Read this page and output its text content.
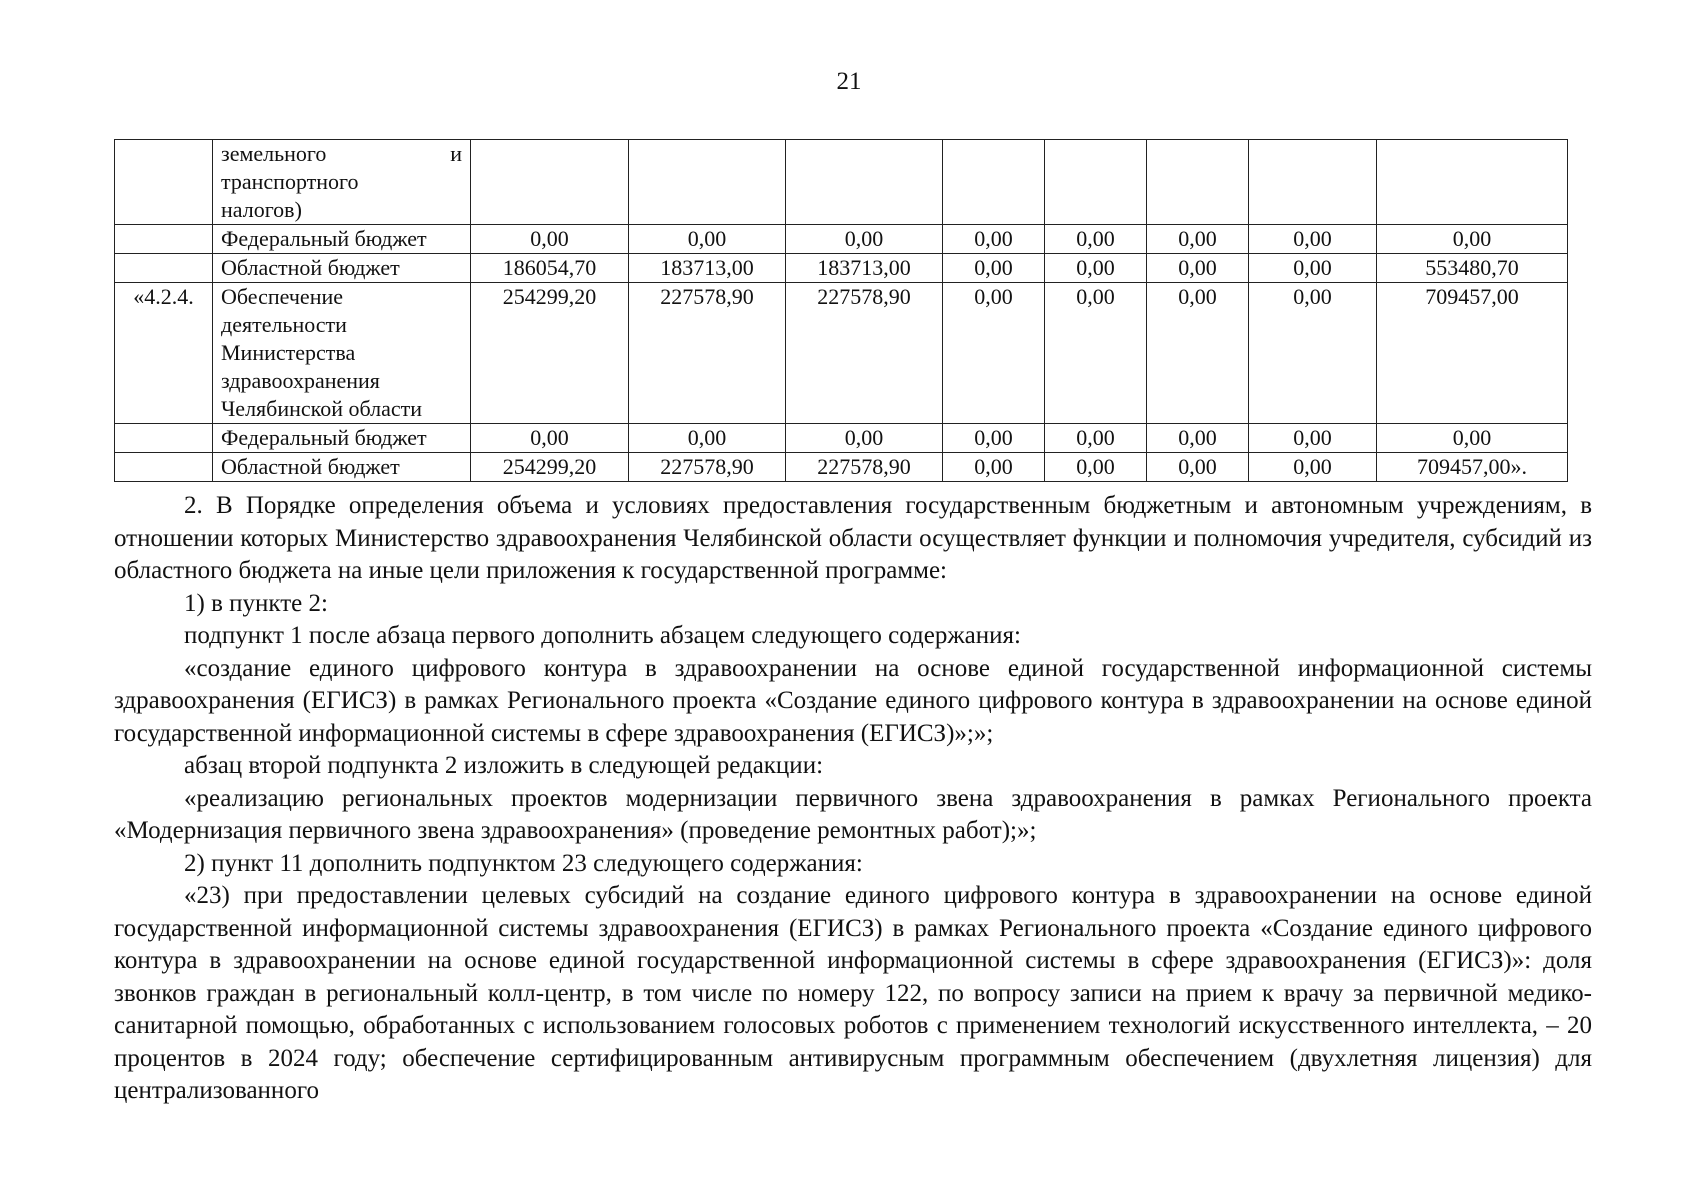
21

	земельного и
транспортного
налогов)								

	Федеральный бюджет	0,00	0,00	0,00	0,00	0,00	0,00	0,00	0,00
	Областной бюджет	186054,70	183713,00	183713,00	0,00	0,00	0,00	0,00	553480,70
«4.2.4.	Обеспечение
деятельности
Министерства
здравоохранения
Челябинской области	254299,20	227578,90	227578,90	0,00	0,00	0,00	0,00	709457,00
	Федеральный бюджет	0,00	0,00	0,00	0,00	0,00	0,00	0,00	0,00
	Областной бюджет	254299,20	227578,90	227578,90	0,00	0,00	0,00	0,00	709457,00».

2. В Порядке определения объема и условиях предоставления государственным бюджетным и автономным учреждениям, в отношении которых Министерство здравоохранения Челябинской области осуществляет функции и полномочия учредителя, субсидий из областного бюджета на иные цели приложения к государственной программе:

1) в пункте 2:

подпункт 1 после абзаца первого дополнить абзацем следующего содержания:

«создание единого цифрового контура в здравоохранении на основе единой государственной информационной системы здравоохранения (ЕГИСЗ) в рамках Регионального проекта «Создание единого цифрового контура в здравоохранении на основе единой государственной информационной системы в сфере здравоохранения (ЕГИСЗ)»;»;

абзац второй подпункта 2 изложить в следующей редакции:

«реализацию региональных проектов модернизации первичного звена здравоохранения в рамках Регионального проекта «Модернизация первичного звена здравоохранения» (проведение ремонтных работ);»;

2) пункт 11 дополнить подпунктом 23 следующего содержания:

«23) при предоставлении целевых субсидий на создание единого цифрового контура в здравоохранении на основе единой государственной информационной системы здравоохранения (ЕГИСЗ) в рамках Регионального проекта «Создание единого цифрового контура в здравоохранении на основе единой государственной информационной системы в сфере здравоохранения (ЕГИСЗ)»: доля звонков граждан в региональный колл-центр, в том числе по номеру 122, по вопросу записи на прием к врачу за первичной медико-санитарной помощью, обработанных с использованием голосовых роботов с применением технологий искусственного интеллекта, – 20 процентов в 2024 году; обеспечение сертифицированным антивирусным программным обеспечением (двухлетняя лицензия) для централизованного
